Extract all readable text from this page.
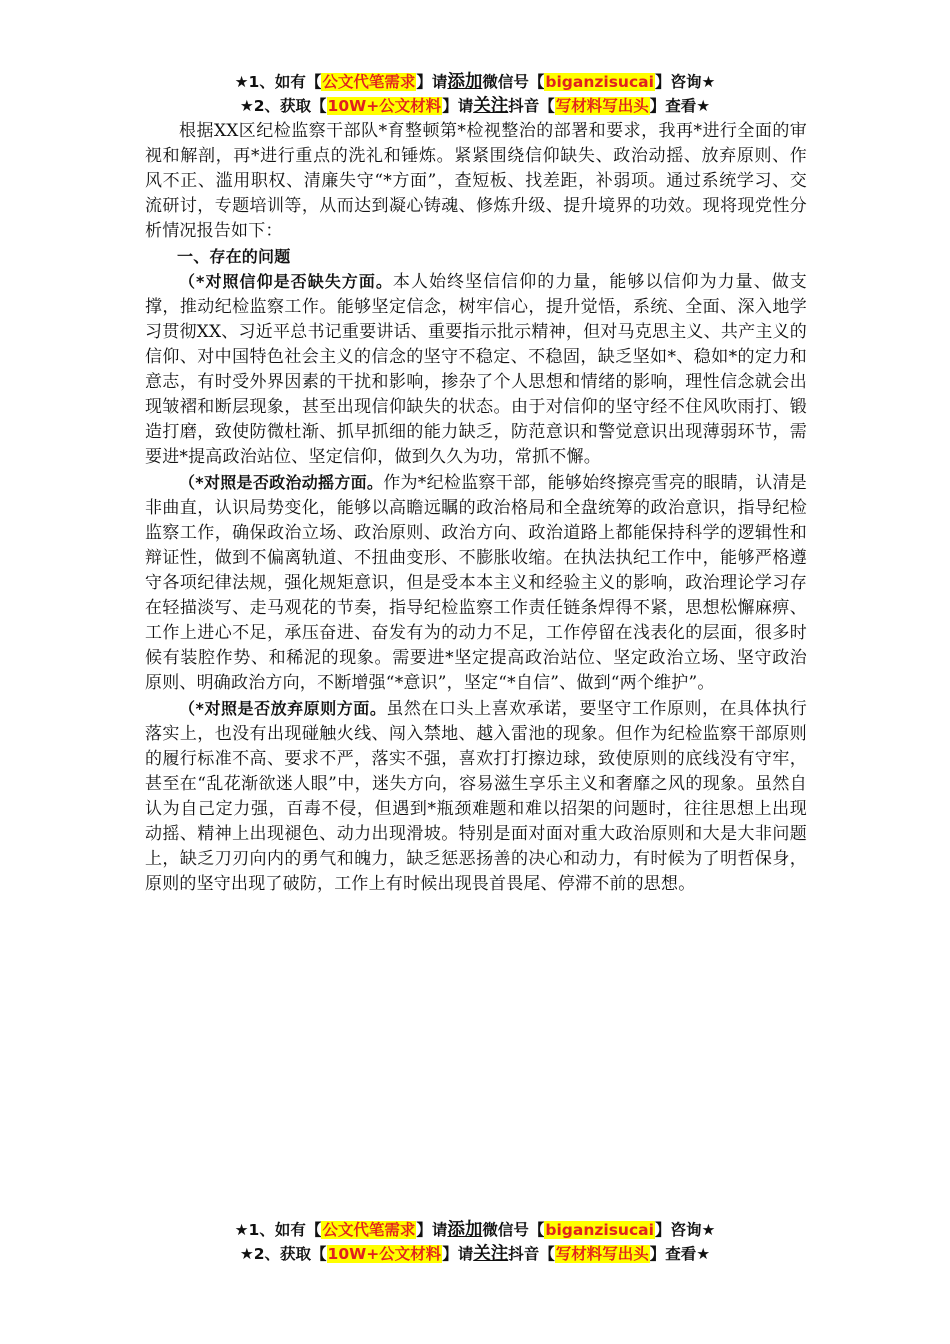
★1、如有【公文代笔需求】请添加微信号【biganzisucai】咨询★
★2、获取【10W+公文材料】请关注抖音【写材料写出头】查看★

根据XX区纪检监察干部队*育整顿第*检视整治的部署和要求，我再*进行全面的审视和解剖，再*进行重点的洗礼和锤炼。紧紧围绕信仰缺失、政治动摇、放弃原则、作风不正、滥用职权、清廉失守“*方面”，查短板、找差距，补弱项。通过系统学习、交流研讨，专题培训等，从而达到凝心铸魂、修炼升级、提升境界的功效。现将现党性分析情况报告如下：

一、存在的问题

（*对照信仰是否缺失方面。本人始终坚信信仰的力量，能够以信仰为力量、做支撑，推动纪检监察工作。能够坚定信念，树牢信心，提升觉悟，系统、全面、深入地学习贯彻XX、习近平总书记重要讲话、重要指示批示精神，但对马克思主义、共产主义的信仰、对中国特色社会主义的信念的坚守不稳定、不稳固，缺乏坚如*、稳如*的定力和意志，有时受外界因素的干扰和影响，掺杂了个人思想和情绪的影响，理性信念就会出现皱褶和断层现象，甚至出现信仰缺失的状态。由于对信仰的坚守经不住风吹雨打、锻造打磨，致使防微杜渐、抓早抓细的能力缺乏，防范意识和警觉意识出现薄弱环节，需要进*提高政治站位、坚定信仰，做到久久为功，常抓不懈。

（*对照是否政治动摇方面。作为*纪检监察干部，能够始终擦亮雪亮的眼睛，认清是非曲直，认识局势变化，能够以高瞻远瞩的政治格局和全盘统筹的政治意识，指导纪检监察工作，确保政治立场、政治原则、政治方向、政治道路上都能保持科学的逻辑性和辩证性，做到不偏离轨道、不扭曲变形、不膨胀收缩。在执法执纪工作中，能够严格遵守各项纪律法规，强化规矩意识，但是受本本主义和经验主义的影响，政治理论学习存在轻描淡写、走马观花的节奏，指导纪检监察工作责任链条焊得不紧，思想松懈麻痹、工作上进心不足，承压奋进、奋发有为的动力不足，工作停留在浅表化的层面，很多时候有装腔作势、和稀泥的现象。需要进*坚定提高政治站位、坚定政治立场、坚守政治原则、明确政治方向，不断增强“*意识”，坚定“*自信”、做到“两个维护”。

（*对照是否放弃原则方面。虽然在口头上喜欢承诺，要坚守工作原则，在具体执行落实上，也没有出现碰触火线、闯入禁地、越入雷池的现象。但作为纪检监察干部原则的履行标准不高、要求不严，落实不强，喜欢打打擦边球，致使原则的底线没有守牢，甚至在“乱花渐欲迷人眼”中，迷失方向，容易滋生享乐主义和奢靡之风的现象。虽然自认为自己定力强，百毒不侵，但遇到*瓶颈难题和难以招架的问题时，往往思想上出现动摇、精神上出现褪色、动力出现滑坡。特别是面对面对重大政治原则和大是大非问题上，缺乏刀刃向内的勇气和魄力，缺乏惩恶扬善的决心和动力，有时候为了明哲保身，原则的坚守出现了破防，工作上有时候出现畏首畏尾、停滞不前的思想。

★1、如有【公文代笔需求】请添加微信号【biganzisucai】咨询★
★2、获取【10W+公文材料】请关注抖音【写材料写出头】查看★
